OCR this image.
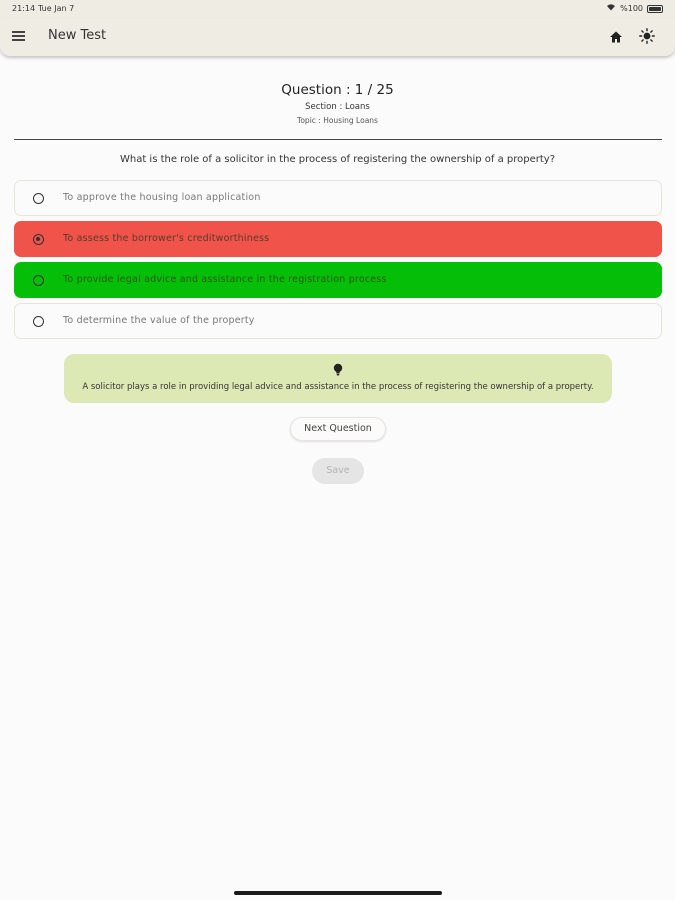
21:14 Tue Jan 7	%100
New Test
Question : 1 / 25
Section : Loans
Topic : Housing Loans
What is the role of a solicitor in the process of registering the ownership of a property?
To approve the housing loan application
To assess the borrower's creditworthiness
To provide legal advice and assistance in the registration process
To determine the value of the property
A solicitor plays a role in providing legal advice and assistance in the process of registering the ownership of a property.
Next Question
Save
